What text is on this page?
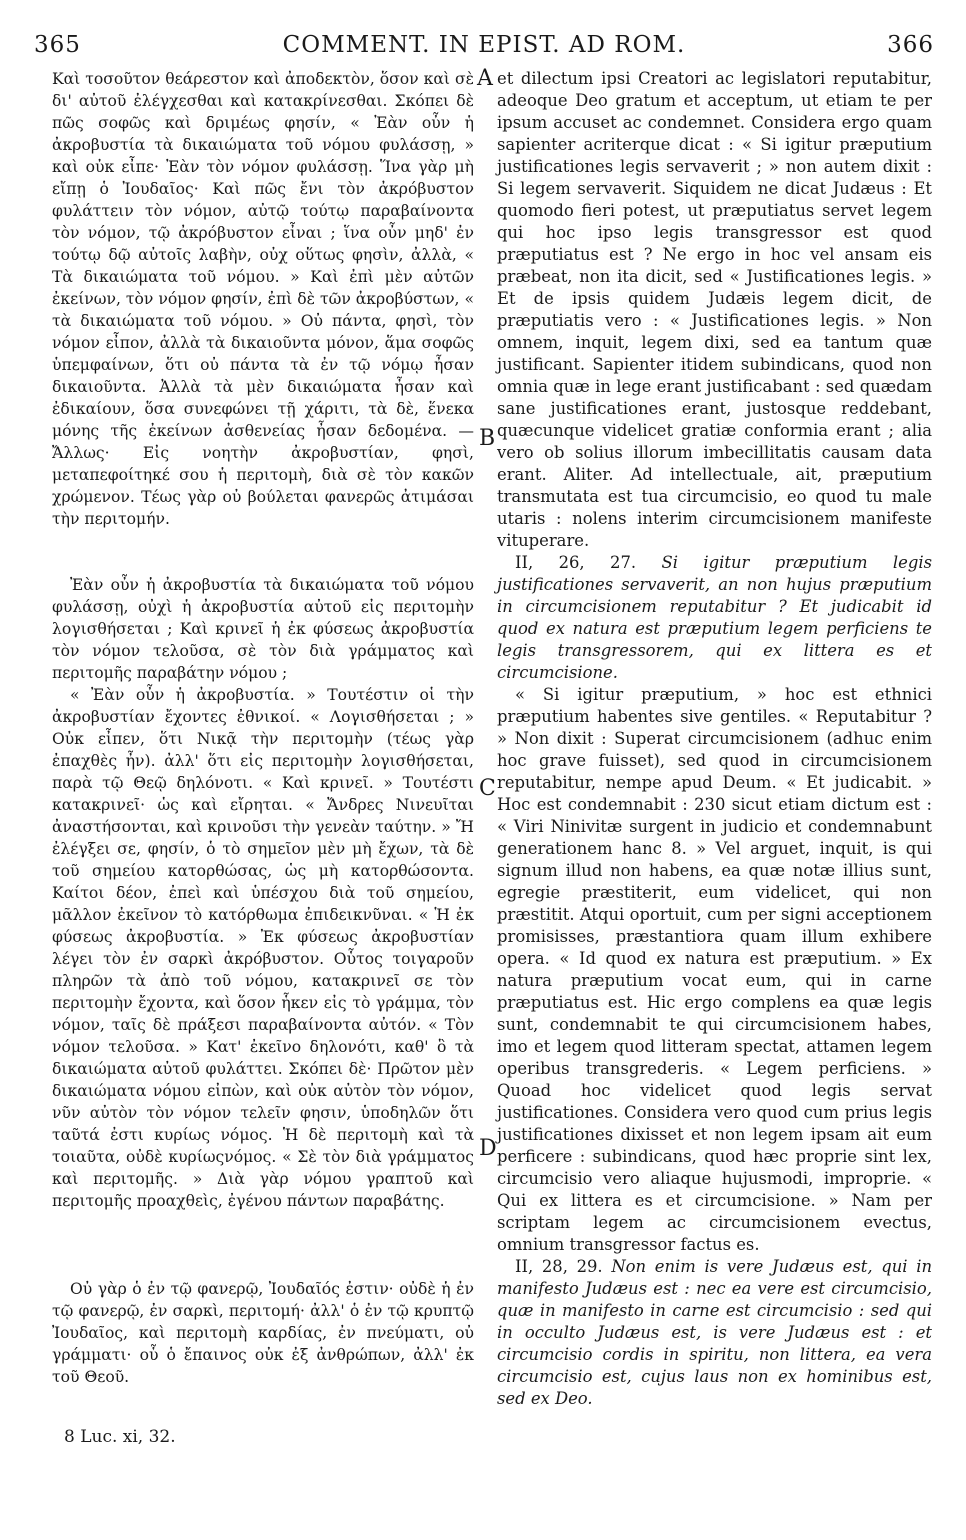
365	COMMENT. IN EPIST. AD ROM.	366

Καὶ τοσοῦτον θεάρεστον καὶ ἀποδεκτὸν, ὅσον καὶ σὲ δι' αὐτοῦ ἐλέγχεσθαι καὶ κατακρίνεσθαι. Σκόπει δὲ πῶς σοφῶς καὶ δριμέως φησίν, « Ἐὰν οὖν ἡ ἀκροβυστία τὰ δικαιώματα τοῦ νόμου φυλάσσῃ, » καὶ οὐκ εἶπε· Ἐὰν τὸν νόμον φυλάσσῃ. Ἵνα γὰρ μὴ εἴπῃ ὁ Ἰουδαῖος· Καὶ πῶς ἔνι τὸν ἀκρόβυστον φυλάττειν τὸν νόμον, αὐτῷ τούτῳ παραβαίνοντα τὸν νόμον, τῷ ἀκρόβυστον εἶναι ; ἵνα οὖν μηδ' ἐν τούτῳ δῷ αὐτοῖς λαβὴν, οὐχ οὕτως φησὶν, ἀλλὰ, « Τὰ δικαιώματα τοῦ νόμου. » Καὶ ἐπὶ μὲν αὐτῶν ἐκείνων, τὸν νόμον φησίν, ἐπὶ δὲ τῶν ἀκροβύστων, « τὰ δικαιώματα τοῦ νόμου. » Οὐ πάντα, φησὶ, τὸν νόμον εἶπον, ἀλλὰ τὰ δικαιοῦντα μόνον, ἅμα σοφῶς ὑπεμφαίνων, ὅτι οὐ πάντα τὰ ἐν τῷ νόμῳ ἦσαν δικαιοῦντα. Ἀλλὰ τὰ μὲν δικαιώματα ἦσαν καὶ ἐδικαίουν, ὅσα συνεφώνει τῇ χάριτι, τὰ δὲ, ἕνεκα μόνης τῆς ἐκείνων ἀσθενείας ἦσαν δεδομένα. — Ἄλλως· Εἰς νοητὴν ἀκροβυστίαν, φησὶ, μεταπεφοίτηκέ σου ἡ περιτομὴ, διὰ σὲ τὸν κακῶν χρώμενον. Τέως γὰρ οὐ βούλεται φανερῶς ἀτιμάσαι τὴν περιτομήν.

Ἐὰν οὖν ἡ ἀκροβυστία τὰ δικαιώματα τοῦ νόμου φυλάσσῃ, οὐχὶ ἡ ἀκροβυστία αὐτοῦ εἰς περιτομὴν λογισθήσεται ; Καὶ κρινεῖ ἡ ἐκ φύσεως ἀκροβυστία τὸν νόμον τελοῦσα, σὲ τὸν διὰ γράμματος καὶ περιτομῆς παραβάτην νόμου ;

« Ἐὰν οὖν ἡ ἀκροβυστία. » Τουτέστιν οἱ τὴν ἀκροβυστίαν ἔχοντες ἐθνικοί. « Λογισθήσεται ; » Οὐκ εἶπεν, ὅτι Νικᾷ τὴν περιτομὴν (τέως γὰρ ἐπαχθὲς ἦν). ἀλλ' ὅτι εἰς περιτομὴν λογισθήσεται, παρὰ τῷ Θεῷ δηλόνοτι. « Καὶ κρινεῖ. » Τουτέστι κατακρινεῖ· ὡς καὶ εἴρηται. « Ἄνδρες Νινευῖται ἀναστήσονται, καὶ κρινοῦσι τὴν γενεὰν ταύτην. » Ἤ ἐλέγξει σε, φησίν, ὁ τὸ σημεῖον μὲν μὴ ἔχων, τὰ δὲ τοῦ σημείου κατορθώσας, ὡς μὴ κατορθώσοντα. Καίτοι δέον, ἐπεὶ καὶ ὑπέσχου διὰ τοῦ σημείου, μᾶλλον ἐκεῖνον τὸ κατόρθωμα ἐπιδεικνῦναι. « Ἡ ἐκ φύσεως ἀκροβυστία. » Ἐκ φύσεως ἀκροβυστίαν λέγει τὸν ἐν σαρκὶ ἀκρόβυστον. Οὗτος τοιγαροῦν πληρῶν τὰ ἀπὸ τοῦ νόμου, κατακρινεῖ σε τὸν περιτομὴν ἔχοντα, καὶ ὅσον ἧκεν εἰς τὸ γράμμα, τὸν νόμον, ταῖς δὲ πράξεσι παραβαίνοντα αὐτόν. « Τὸν νόμον τελοῦσα. » Κατ' ἐκεῖνο δηλονότι, καθ' ὃ τὰ δικαιώματα αὐτοῦ φυλάττει. Σκόπει δὲ· Πρῶτον μὲν δικαιώματα νόμου εἰπὼν, καὶ οὐκ αὐτὸν τὸν νόμον, νῦν αὐτὸν τὸν νόμον τελεῖν φησιν, ὑποδηλῶν ὅτι ταῦτά ἐστι κυρίως νόμος. Ἡ δὲ περιτομὴ καὶ τὰ τοιαῦτα, οὐδὲ κυρίωςνόμος. « Σὲ τὸν διὰ γράμματος καὶ περιτομῆς. » Διὰ γὰρ νόμου γραπτοῦ καὶ περιτομῆς προαχθεὶς, ἐγένου πάντων παραβάτης.

Οὐ γὰρ ὁ ἐν τῷ φανερῷ, Ἰουδαῖός ἐστιν· οὐδὲ ἡ ἐν τῷ φανερῷ, ἐν σαρκὶ, περιτομή· ἀλλ' ὁ ἐν τῷ κρυπτῷ Ἰουδαῖος, καὶ περιτομὴ καρδίας, ἐν πνεύματι, οὐ γράμματι· οὗ ὁ ἔπαινος οὐκ ἐξ ἀνθρώπων, ἀλλ' ἐκ τοῦ Θεοῦ.

A
B
C
D

et dilectum ipsi Creatori ac legislatori reputabitur, adeoque Deo gratum et acceptum, ut etiam te per ipsum accuset ac condemnet. Considera ergo quam sapienter acriterque dicat : « Si igitur præputium justificationes legis servaverit ; » non autem dixit : Si legem servaverit. Siquidem ne dicat Judæus : Et quomodo fieri potest, ut præputiatus servet legem qui hoc ipso legis transgressor est quod præputiatus est ? Ne ergo in hoc vel ansam eis præbeat, non ita dicit, sed « Justificationes legis. » Et de ipsis quidem Judæis legem dicit, de præputiatis vero : « Justificationes legis. » Non omnem, inquit, legem dixi, sed ea tantum quæ justificant. Sapienter itidem subindicans, quod non omnia quæ in lege erant justificabant : sed quædam sane justificationes erant, justosque reddebant, quæcunque videlicet gratiæ conformia erant ; alia vero ob solius illorum imbecillitatis causam data erant. Aliter. Ad intellectuale, ait, præputium transmutata est tua circumcisio, eo quod tu male utaris : nolens interim circumcisionem manifeste vituperare.

II, 26, 27. Si igitur præputium legis justificationes servaverit, an non hujus præputium in circumcisionem reputabitur ? Et judicabit id quod ex natura est præputium legem perficiens te legis transgressorem, qui ex littera es et circumcisione.

« Si igitur præputium, » hoc est ethnici præputium habentes sive gentiles. « Reputabitur ? » Non dixit : Superat circumcisionem (adhuc enim hoc grave fuisset), sed quod in circumcisionem reputabitur, nempe apud Deum. « Et judicabit. » Hoc est condemnabit : 230 sicut etiam dictum est : « Viri Ninivitæ surgent in judicio et condemnabunt generationem hanc 8. » Vel arguet, inquit, is qui signum illud non habens, ea quæ notæ illius sunt, egregie præstiterit, eum videlicet, qui non præstitit. Atqui oportuit, cum per signi acceptionem promisisses, præstantiora quam illum exhibere opera. « Id quod ex natura est præputium. » Ex natura præputium vocat eum, qui in carne præputiatus est. Hic ergo complens ea quæ legis sunt, condemnabit te qui circumcisionem habes, imo et legem quod litteram spectat, attamen legem operibus transgrederis. « Legem perficiens. » Quoad hoc videlicet quod legis servat justificationes. Considera vero quod cum prius legis justificationes dixisset et non legem ipsam ait eum perficere : subindicans, quod hæc proprie sint lex, circumcisio vero aliaque hujusmodi, improprie. « Qui ex littera es et circumcisione. » Nam per scriptam legem ac circumcisionem evectus, omnium transgressor factus es.

II, 28, 29. Non enim is vere Judæus est, qui in manifesto Judæus est : nec ea vere est circumcisio, quæ in manifesto in carne est circumcisio : sed qui in occulto Judæus est, is vere Judæus est : et circumcisio cordis in spiritu, non littera, ea vera circumcisio est, cujus laus non ex hominibus est, sed ex Deo.

8 Luc. xi, 32.
